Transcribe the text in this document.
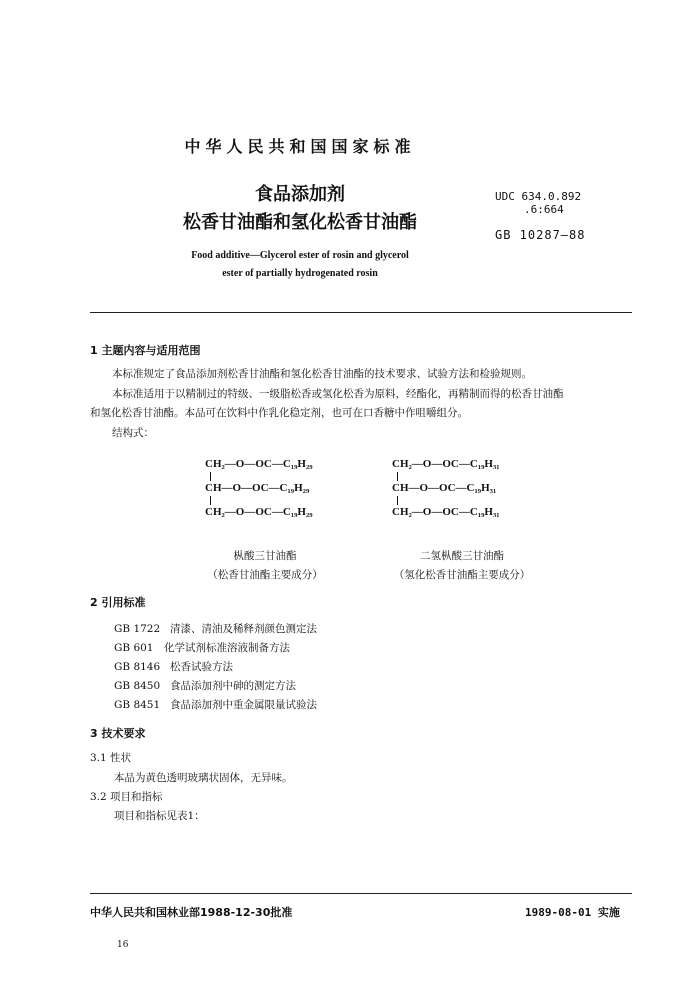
中华人民共和国国家标准
食品添加剂
松香甘油酯和氢化松香甘油酯
Food additive—Glycerol ester of rosin and glycerol
ester of partially hydrogenated rosin
UDC 634.0.892
.6:664
GB 10287—88
1 主题内容与适用范围
本标准规定了食品添加剂松香甘油酯和氢化松香甘油酯的技术要求、试验方法和检验规则。
本标准适用于以精制过的特级、一级脂松香或氢化松香为原料，经酯化，再精制而得的松香甘油酯
和氢化松香甘油酯。本品可在饮料中作乳化稳定剂，也可在口香糖中作咀嚼组分。
结构式：
CH₂—O—OC—C₁₉H₂₉
CH—O—OC—C₁₉H₂₉
CH₂—O—OC—C₁₉H₂₉
枞酸三甘油酯
（松香甘油酯主要成分）
CH₂—O—OC—C₁₉H₃₁
CH—O—OC—C₁₉H₃₁
CH₂—O—OC—C₁₉H₃₁
二氢枞酸三甘油酯
（氢化松香甘油酯主要成分）
2 引用标准
GB 1722 清漆、清油及稀释剂颜色测定法
GB 601 化学试剂标准溶液制备方法
GB 8146 松香试验方法
GB 8450 食品添加剂中砷的测定方法
GB 8451 食品添加剂中重金属限量试验法
3 技术要求
3.1 性状
本品为黄色透明玻璃状固体，无异味。
3.2 项目和指标
项目和指标见表1：
中华人民共和国林业部1988-12-30批准	1989-08-01 实施
16
